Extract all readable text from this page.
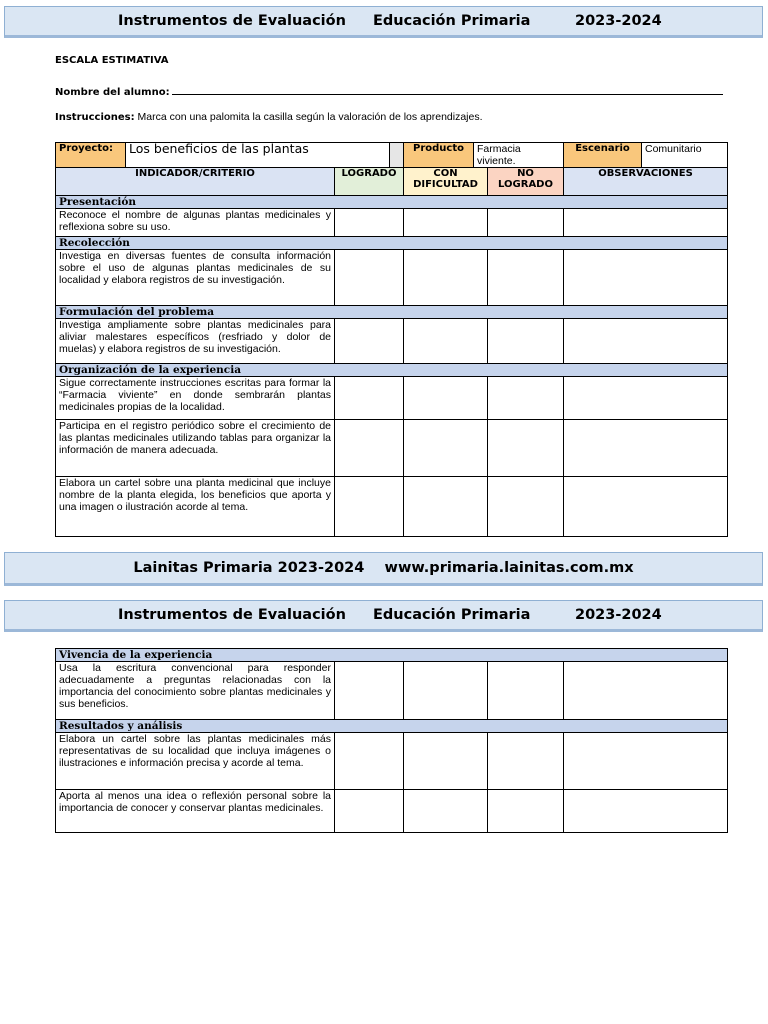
Instrumentos de Evaluación Educación Primaria	2023-2024
ESCALA ESTIMATIVA
Nombre del alumno:
Instrucciones: Marca con una palomita la casilla según la valoración de los aprendizajes.
Proyecto:	Los beneficios de las plantas			Producto	Farmacia viviente.		Escenario	Comunitario
INDICADOR/CRITERIO		LOGRADO		CON DIFICULTAD		NO LOGRADO	OBSERVACIONES	
Presentación								
Reconoce el nombre de algunas plantas medicinales y reflexiona sobre su uso.								
Recolección								
Investiga en diversas fuentes de consulta información sobre el uso de algunas plantas medicinales de su localidad y elabora registros de su investigación.								
Formulación del problema								
Investiga ampliamente sobre plantas medicinales para aliviar malestares específicos (resfriado y dolor de muelas) y elabora registros de su investigación.								
Organización de la experiencia								
Sigue correctamente instrucciones escritas para formar la “Farmacia viviente” en donde sembrarán plantas medicinales propias de la localidad.								
Participa en el registro periódico sobre el crecimiento de las plantas medicinales utilizando tablas para organizar la información de manera adecuada.								
Elabora un cartel sobre una planta medicinal que incluye nombre de la planta elegida, los beneficios que aporta y una imagen o ilustración acorde al tema.								
Lainitas Primaria 2023-2024    www.primaria.lainitas.com.mx
Instrumentos de Evaluación Educación Primaria	2023-2024
Vivencia de la experiencia				
Usa la escritura convencional para responder adecuadamente a preguntas relacionadas con la importancia del conocimiento sobre plantas medicinales y sus beneficios.				
Resultados y análisis				
Elabora un cartel sobre las plantas medicinales más representativas de su localidad que incluya imágenes o ilustraciones e información precisa y acorde al tema.				
Aporta al menos una idea o reflexión personal sobre la importancia de conocer y conservar plantas medicinales.				
